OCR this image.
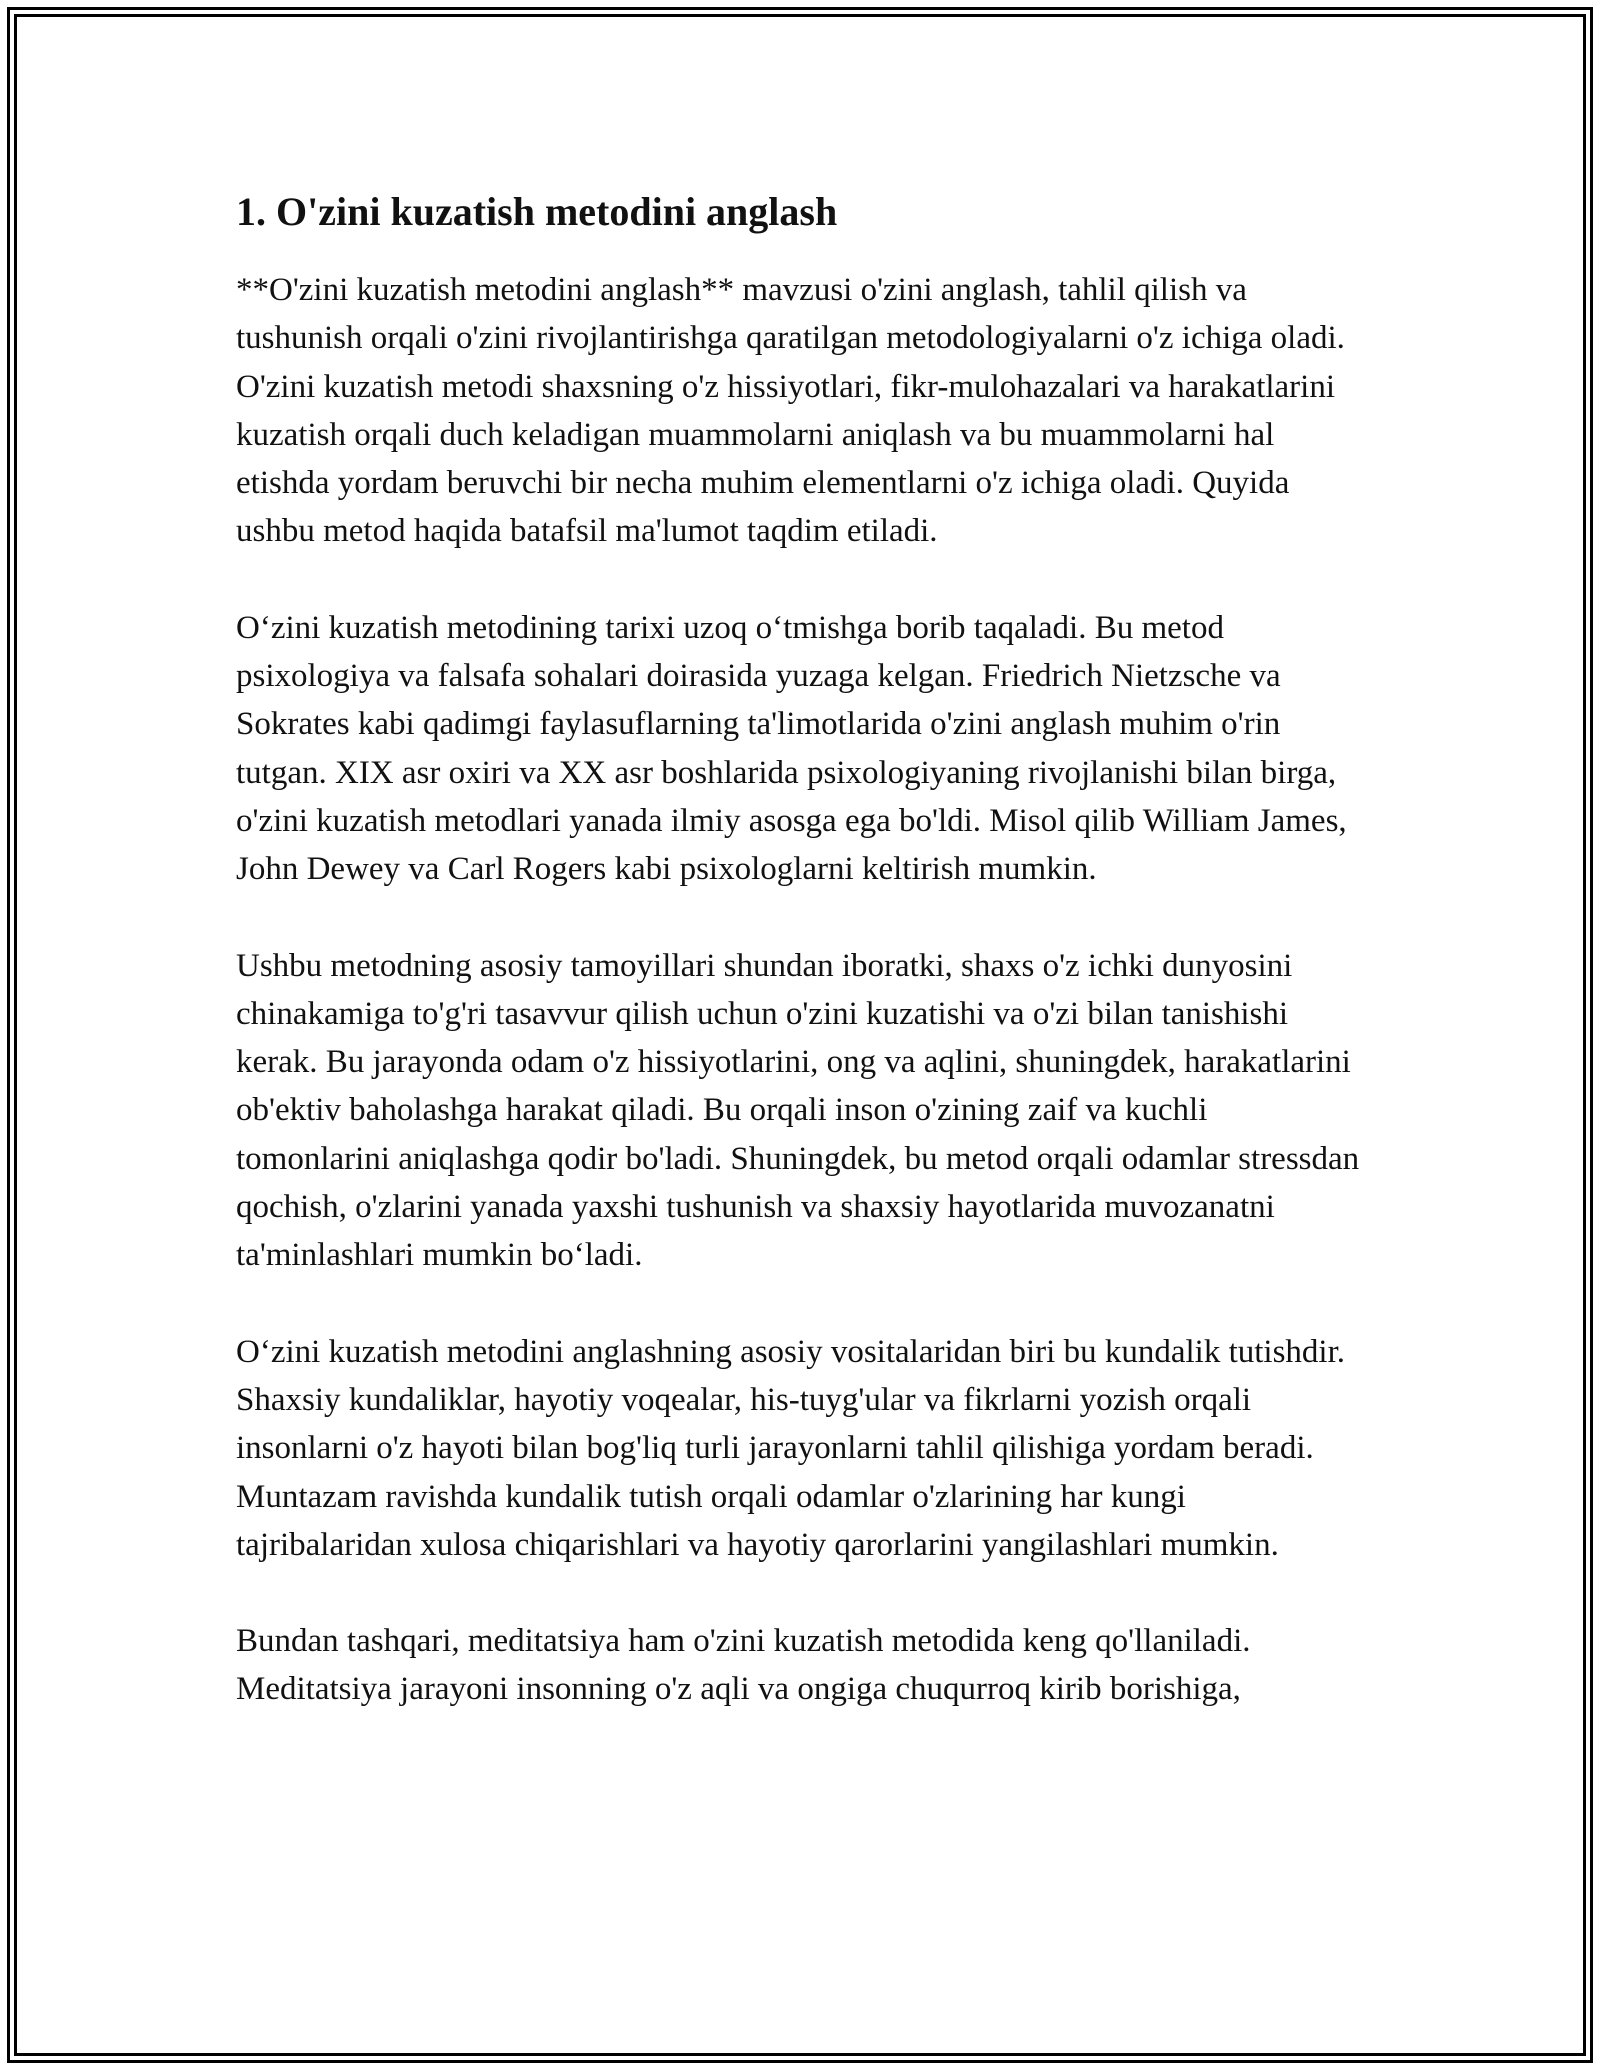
1. O'zini kuzatish metodini anglash

**O'zini kuzatish metodini anglash** mavzusi o'zini anglash, tahlil qilish va tushunish orqali o'zini rivojlantirishga qaratilgan metodologiyalarni o'z ichiga oladi. O'zini kuzatish metodi shaxsning o'z hissiyotlari, fikr-mulohazalari va harakatlarini kuzatish orqali duch keladigan muammolarni aniqlash va bu muammolarni hal etishda yordam beruvchi bir necha muhim elementlarni o'z ichiga oladi. Quyida ushbu metod haqida batafsil ma'lumot taqdim etiladi.

O‘zini kuzatish metodining tarixi uzoq o‘tmishga borib taqaladi. Bu metod psixologiya va falsafa sohalari doirasida yuzaga kelgan. Friedrich Nietzsche va Sokrates kabi qadimgi faylasuflarning ta'limotlarida o'zini anglash muhim o'rin tutgan. XIX asr oxiri va XX asr boshlarida psixologiyaning rivojlanishi bilan birga, o'zini kuzatish metodlari yanada ilmiy asosga ega bo'ldi. Misol qilib William James, John Dewey va Carl Rogers kabi psixologlarni keltirish mumkin.

Ushbu metodning asosiy tamoyillari shundan iboratki, shaxs o'z ichki dunyosini chinakamiga to'g'ri tasavvur qilish uchun o'zini kuzatishi va o'zi bilan tanishishi kerak. Bu jarayonda odam o'z hissiyotlarini, ong va aqlini, shuningdek, harakatlarini ob'ektiv baholashga harakat qiladi. Bu orqali inson o'zining zaif va kuchli tomonlarini aniqlashga qodir bo'ladi. Shuningdek, bu metod orqali odamlar stressdan qochish, o'zlarini yanada yaxshi tushunish va shaxsiy hayotlarida muvozanatni ta'minlashlari mumkin bo‘ladi.

O‘zini kuzatish metodini anglashning asosiy vositalaridan biri bu kundalik tutishdir. Shaxsiy kundaliklar, hayotiy voqealar, his-tuyg'ular va fikrlarni yozish orqali insonlarni o'z hayoti bilan bog'liq turli jarayonlarni tahlil qilishiga yordam beradi. Muntazam ravishda kundalik tutish orqali odamlar o'zlarining har kungi tajribalaridan xulosa chiqarishlari va hayotiy qarorlarini yangilashlari mumkin.

Bundan tashqari, meditatsiya ham o'zini kuzatish metodida keng qo'llaniladi. Meditatsiya jarayoni insonning o'z aqli va ongiga chuqurroq kirib borishiga,
